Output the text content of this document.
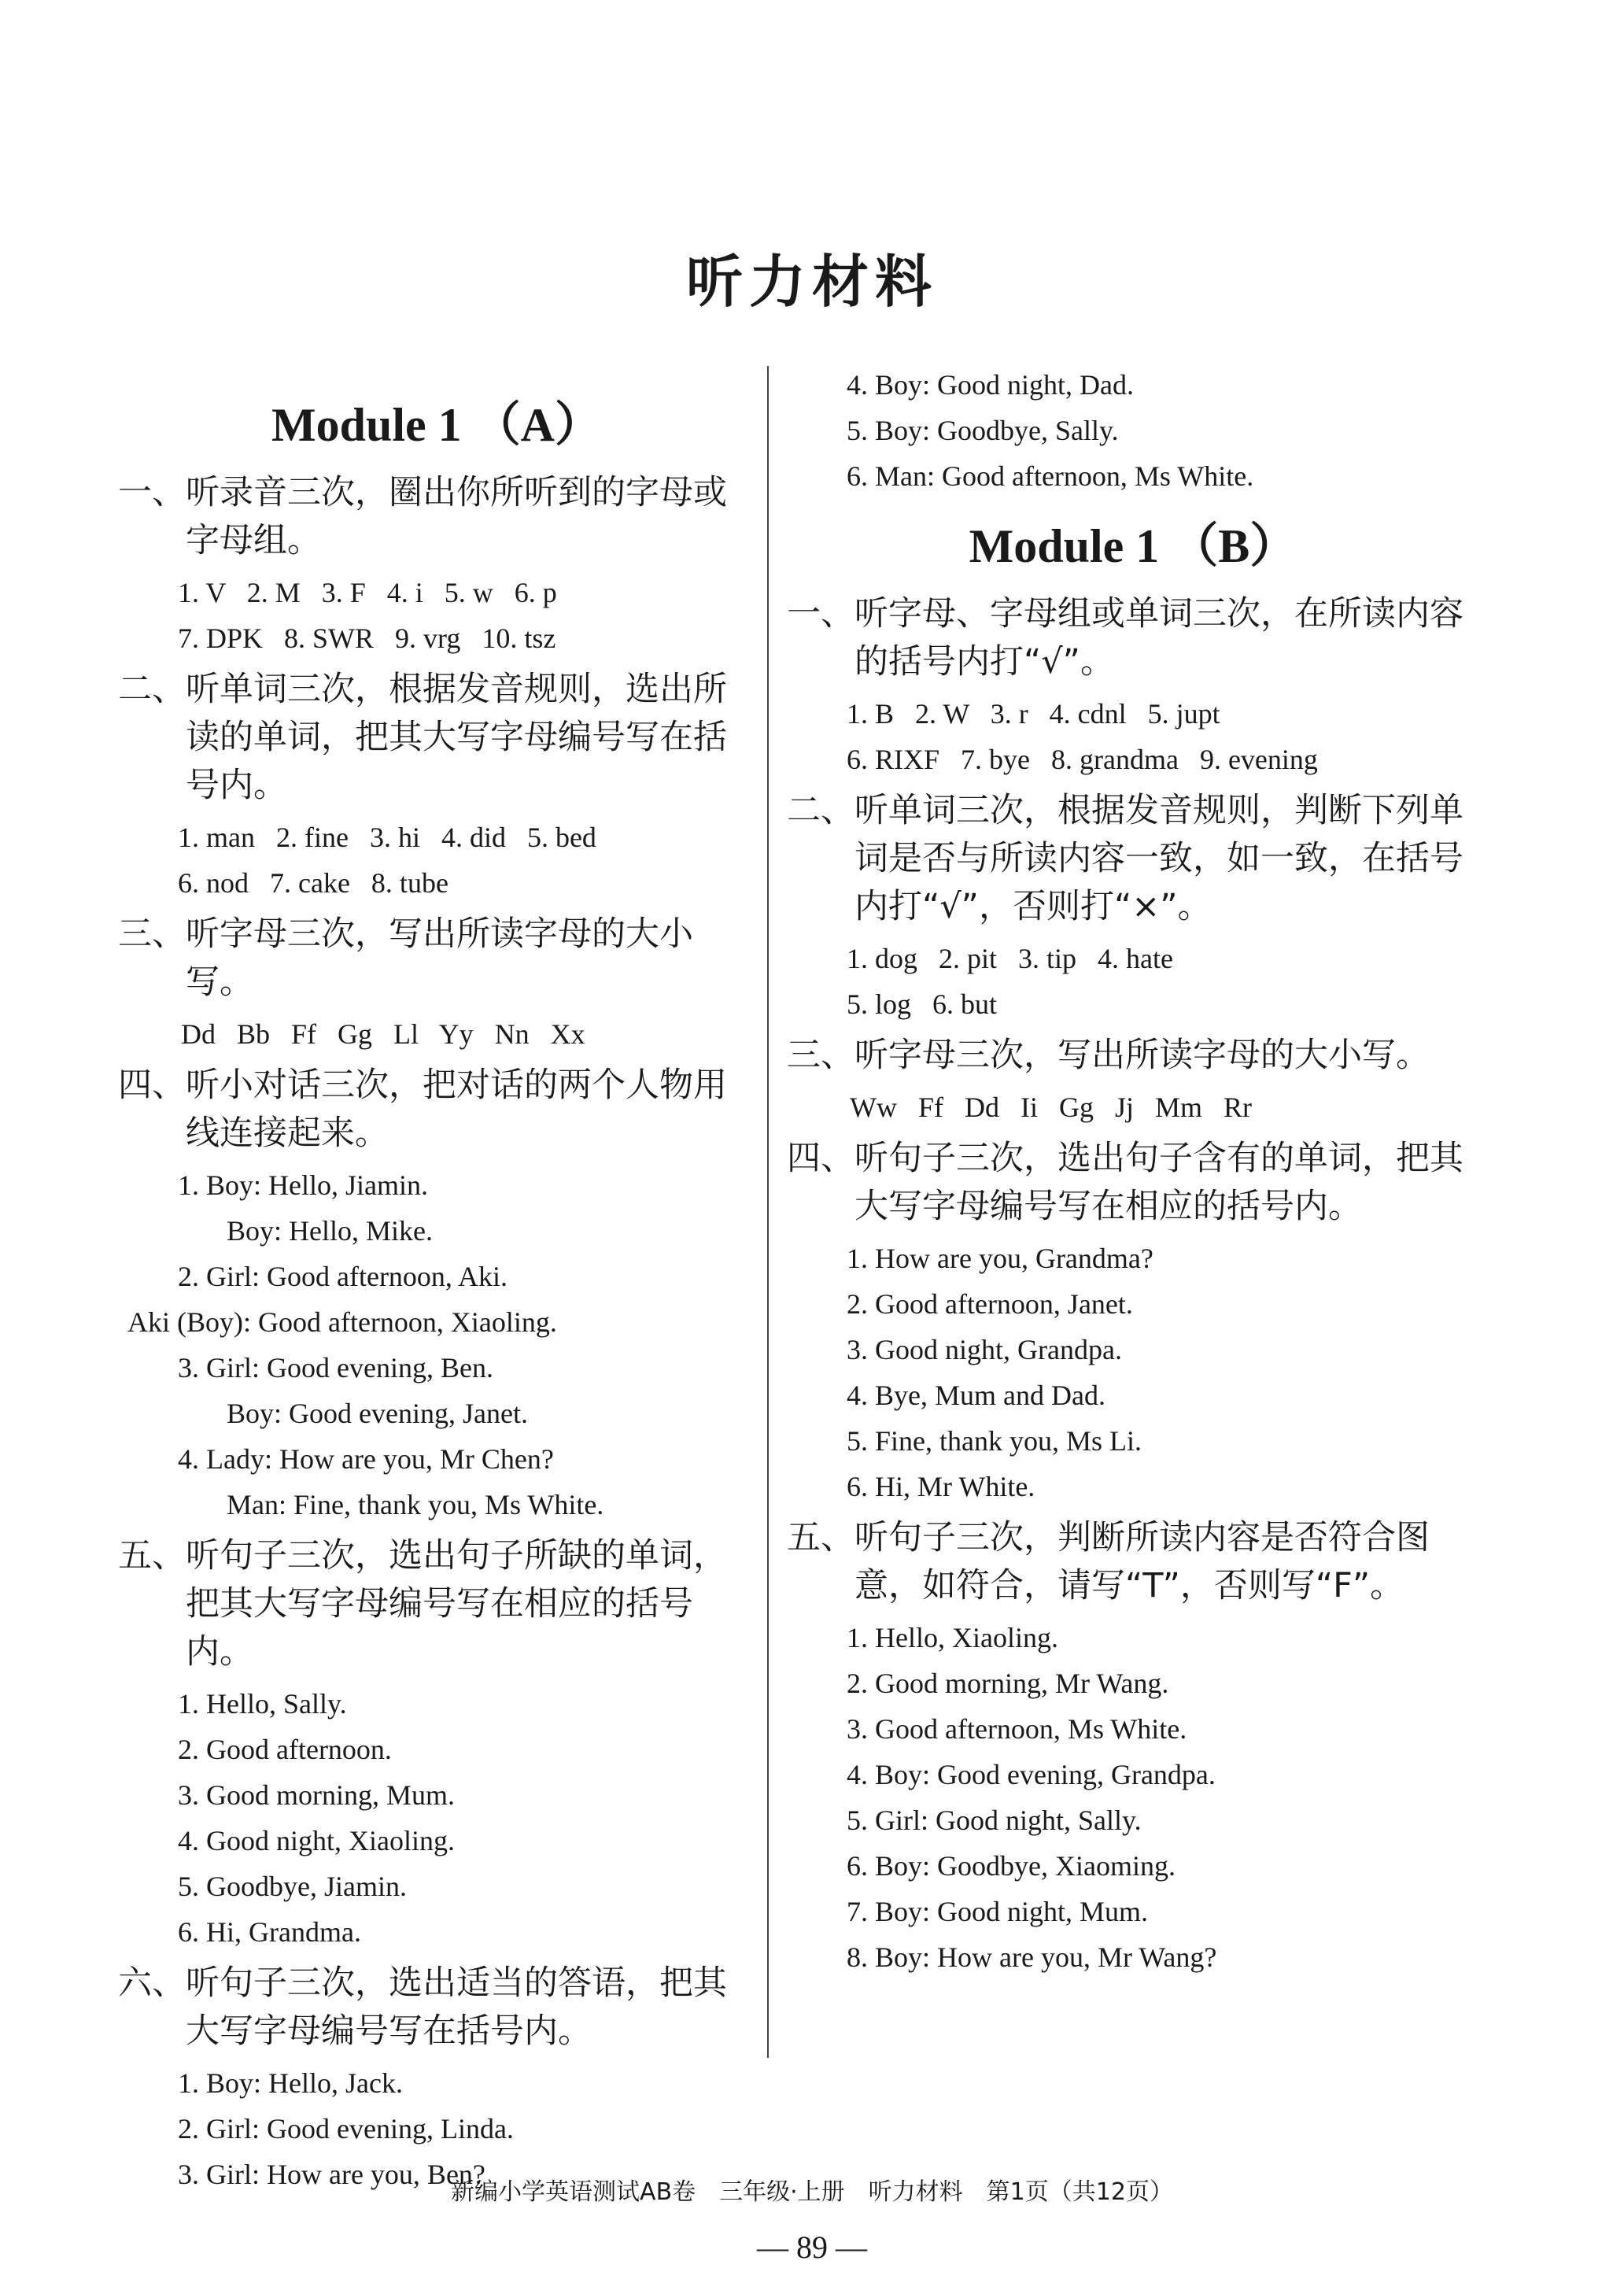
听力材料
Module 1 （A）
一、 听录音三次，圈出你所听到的字母或字母组。
1. V   2. M   3. F   4. i   5. w   6. p
7. DPK   8. SWR   9. vrg   10. tsz
二、 听单词三次，根据发音规则，选出所读的单词，把其大写字母编号写在括号内。
1. man   2. fine   3. hi   4. did   5. bed
6. nod   7. cake   8. tube
三、 听字母三次，写出所读字母的大小写。
Dd   Bb   Ff   Gg   Ll   Yy   Nn   Xx
四、 听小对话三次，把对话的两个人物用线连接起来。
1. Boy: Hello, Jiamin.
Boy: Hello, Mike.
2. Girl: Good afternoon, Aki.
Aki (Boy): Good afternoon, Xiaoling.
3. Girl: Good evening, Ben.
Boy: Good evening, Janet.
4. Lady: How are you, Mr Chen?
Man: Fine, thank you, Ms White.
五、 听句子三次，选出句子所缺的单词，把其大写字母编号写在相应的括号内。
1. Hello, Sally.
2. Good afternoon.
3. Good morning, Mum.
4. Good night, Xiaoling.
5. Goodbye, Jiamin.
6. Hi, Grandma.
六、 听句子三次，选出适当的答语，把其大写字母编号写在括号内。
1. Boy: Hello, Jack.
2. Girl: Good evening, Linda.
3. Girl: How are you, Ben?
4. Boy: Good night, Dad.
5. Boy: Goodbye, Sally.
6. Man: Good afternoon, Ms White.
Module 1 （B）
一、 听字母、字母组或单词三次，在所读内容的括号内打“√”。
1. B   2. W   3. r   4. cdnl   5. jupt
6. RIXF   7. bye   8. grandma   9. evening
二、 听单词三次，根据发音规则，判断下列单词是否与所读内容一致，如一致，在括号内打“√”，否则打“×”。
1. dog   2. pit   3. tip   4. hate
5. log   6. but
三、 听字母三次，写出所读字母的大小写。
Ww   Ff   Dd   Ii   Gg   Jj   Mm   Rr
四、 听句子三次，选出句子含有的单词，把其大写字母编号写在相应的括号内。
1. How are you, Grandma?
2. Good afternoon, Janet.
3. Good night, Grandpa.
4. Bye, Mum and Dad.
5. Fine, thank you, Ms Li.
6. Hi, Mr White.
五、 听句子三次，判断所读内容是否符合图意，如符合，请写“T”，否则写“F”。
1. Hello, Xiaoling.
2. Good morning, Mr Wang.
3. Good afternoon, Ms White.
4. Boy: Good evening, Grandpa.
5. Girl: Good night, Sally.
6. Boy: Goodbye, Xiaoming.
7. Boy: Good night, Mum.
8. Boy: How are you, Mr Wang?
新编小学英语测试AB卷　三年级·上册　听力材料　第1页（共12页）
— 89 —
